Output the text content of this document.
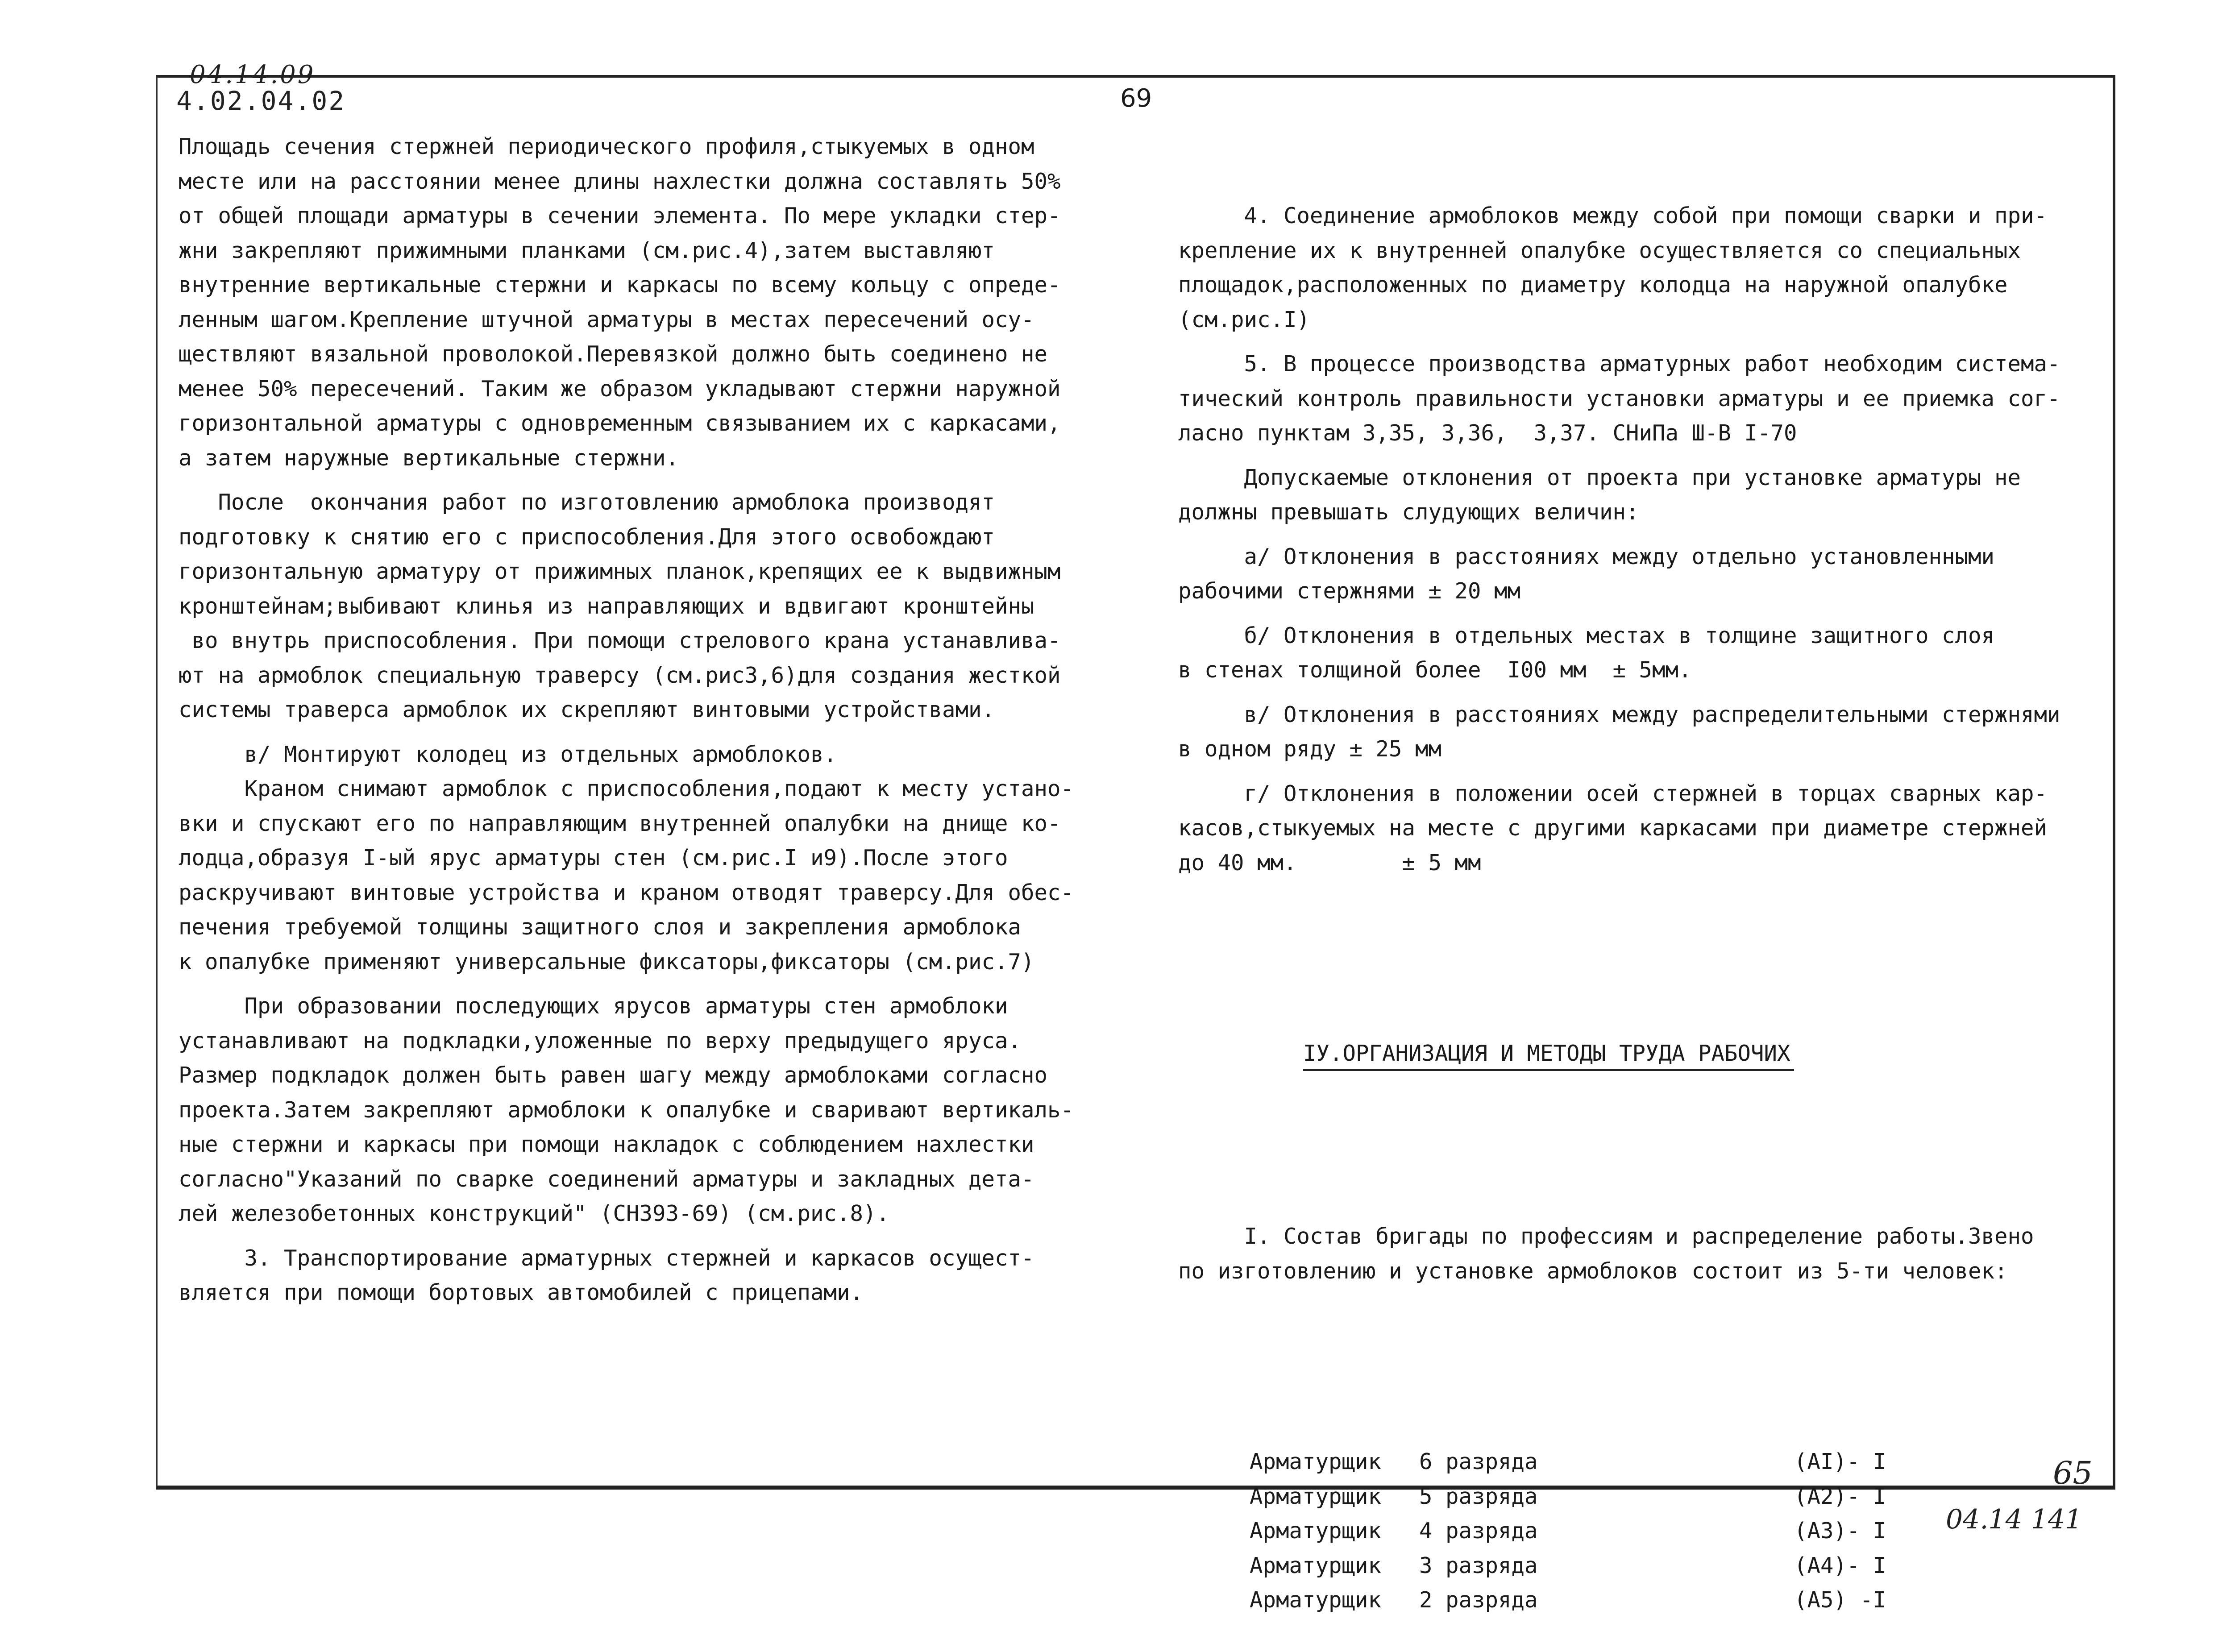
04.14.09
4.02.04.02	69

Площадь сечения стержней периодического профиля,стыкуемых в одном

месте или на расстоянии менее длины нахлестки должна составлять 50%

от общей площади арматуры в сечении элемента. По мере укладки стер-

жни закрепляют прижимными планками (см.рис.4),затем выставляют

внутренние вертикальные стержни и каркасы по всему кольцу с опреде-

ленным шагом.Крепление штучной арматуры в местах пересечений осу-

ществляют вязальной проволокой.Перевязкой должно быть соединено не

менее 50% пересечений. Таким же образом укладывают стержни наружной

горизонтальной арматуры с одновременным связыванием их с каркасами,

а затем наружные вертикальные стержни.

После  окончания работ по изготовлению армоблока производят

подготовку к снятию его с приспособления.Для этого освобождают

горизонтальную арматуру от прижимных планок,крепящих ее к выдвижным

кронштейнам;выбивают клинья из направляющих и вдвигают кронштейны

во внутрь приспособления. При помощи стрелового крана устанавлива-

ют на армоблок специальную траверсу (см.рис3,6)для создания жесткой

системы траверса армоблок их скрепляют винтовыми устройствами.

в/ Монтируют колодец из отдельных армоблоков.

Краном снимают армоблок с приспособления,подают к месту устано-

вки и спускают его по направляющим внутренней опалубки на днище ко-

лодца,образуя I-ый ярус арматуры стен (см.рис.I и9).После этого

раскручивают винтовые устройства и краном отводят траверсу.Для обес-

печения требуемой толщины защитного слоя и закрепления армоблока

к опалубке применяют универсальные фиксаторы,фиксаторы (см.рис.7)

При образовании последующих ярусов арматуры стен армоблоки

устанавливают на подкладки,уложенные по верху предыдущего яруса.

Размер подкладок должен быть равен шагу между армоблоками согласно

проекта.Затем закрепляют армоблоки к опалубке и сваривают вертикаль-

ные стержни и каркасы при помощи накладок с соблюдением нахлестки

согласно"Указаний по сварке соединений арматуры и закладных дета-

лей железобетонных конструкций" (СН393-69) (см.рис.8).

3. Транспортирование арматурных стержней и каркасов осущест-

вляется при помощи бортовых автомобилей с прицепами.

4. Соединение армоблоков между собой при помощи сварки и при-

крепление их к внутренней опалубке осуществляется со специальных

площадок,расположенных по диаметру колодца на наружной опалубке

(см.рис.I)

5. В процессе производства арматурных работ необходим система-

тический контроль правильности установки арматуры и ее приемка сог-

ласно пунктам 3,35, 3,36,  3,37. СНиПа Ш-В I-70

Допускаемые отклонения от проекта при установке арматуры не

должны превышать слудующих величин:

а/ Отклонения в расстояниях между отдельно установленными

рабочими стержнями ± 20 мм

б/ Отклонения в отдельных местах в толщине защитного слоя

в стенах толщиной более  I00 мм  ± 5мм.

в/ Отклонения в расстояниях между распределительными стержнями

в одном ряду ± 25 мм

г/ Отклонения в положении осей стержней в торцах сварных кар-

касов,стыкуемых на месте с другими каркасами при диаметре стержней

до 40 мм.        ± 5 мм

IУ.ОРГАНИЗАЦИЯ И МЕТОДЫ ТРУДА РАБОЧИХ

I. Состав бригады по профессиям и распределение работы.Звено

по изготовлению и установке армоблоков состоит из 5-ти человек:

Арматурщик	6 разряда	(АI)- I
Арматурщик	5 разряда	(А2)- I
Арматурщик	4 разряда	(А3)- I
Арматурщик	3 разряда	(А4)- I
Арматурщик	2 разряда	(А5) -I

65
04.14 141
